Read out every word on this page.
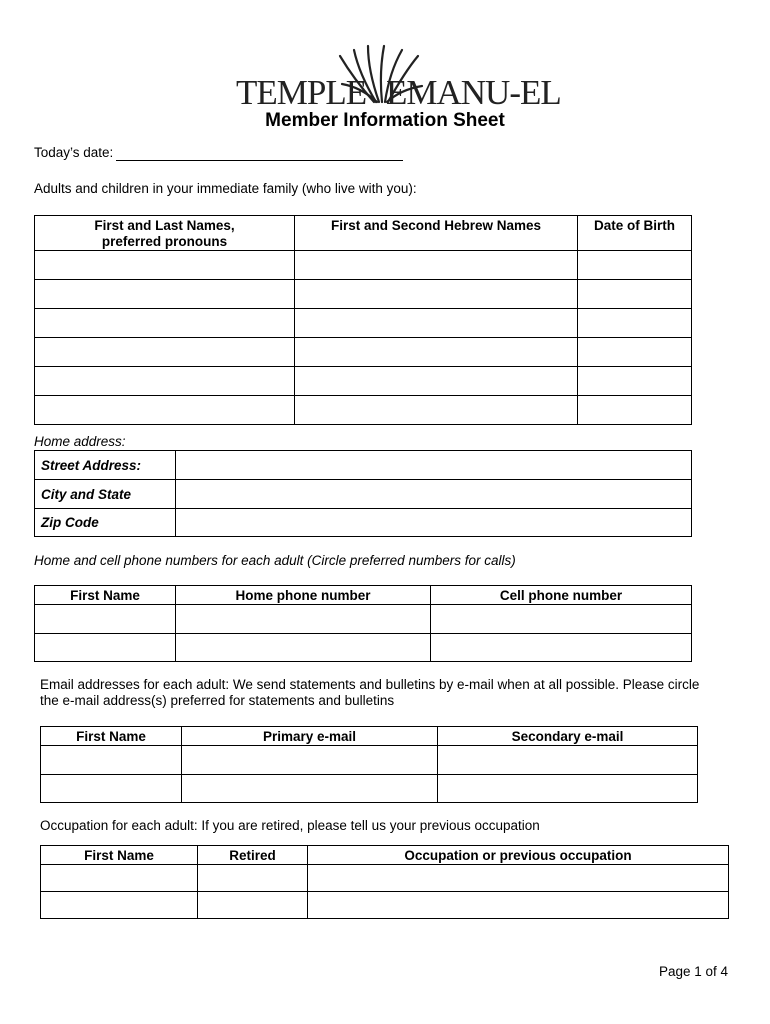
TEMPLE EMANU-EL
Member Information Sheet
Today’s date:
Adults and children in your immediate family (who live with you):
First and Last Names,
preferred pronouns	First and Second Hebrew Names	Date of Birth

Home address:
Street Address:	
City and State	
Zip Code	
Home and cell phone numbers for each adult (Circle preferred numbers for calls)
First Name	Home phone number	Cell phone number

Email addresses for each adult: We send statements and bulletins by e-mail when at all possible. Please circle
the e-mail address(s) preferred for statements and bulletins
First Name	Primary e-mail	Secondary e-mail

Occupation for each adult: If you are retired, please tell us your previous occupation
First Name	Retired	Occupation or previous occupation

Page 1 of 4
